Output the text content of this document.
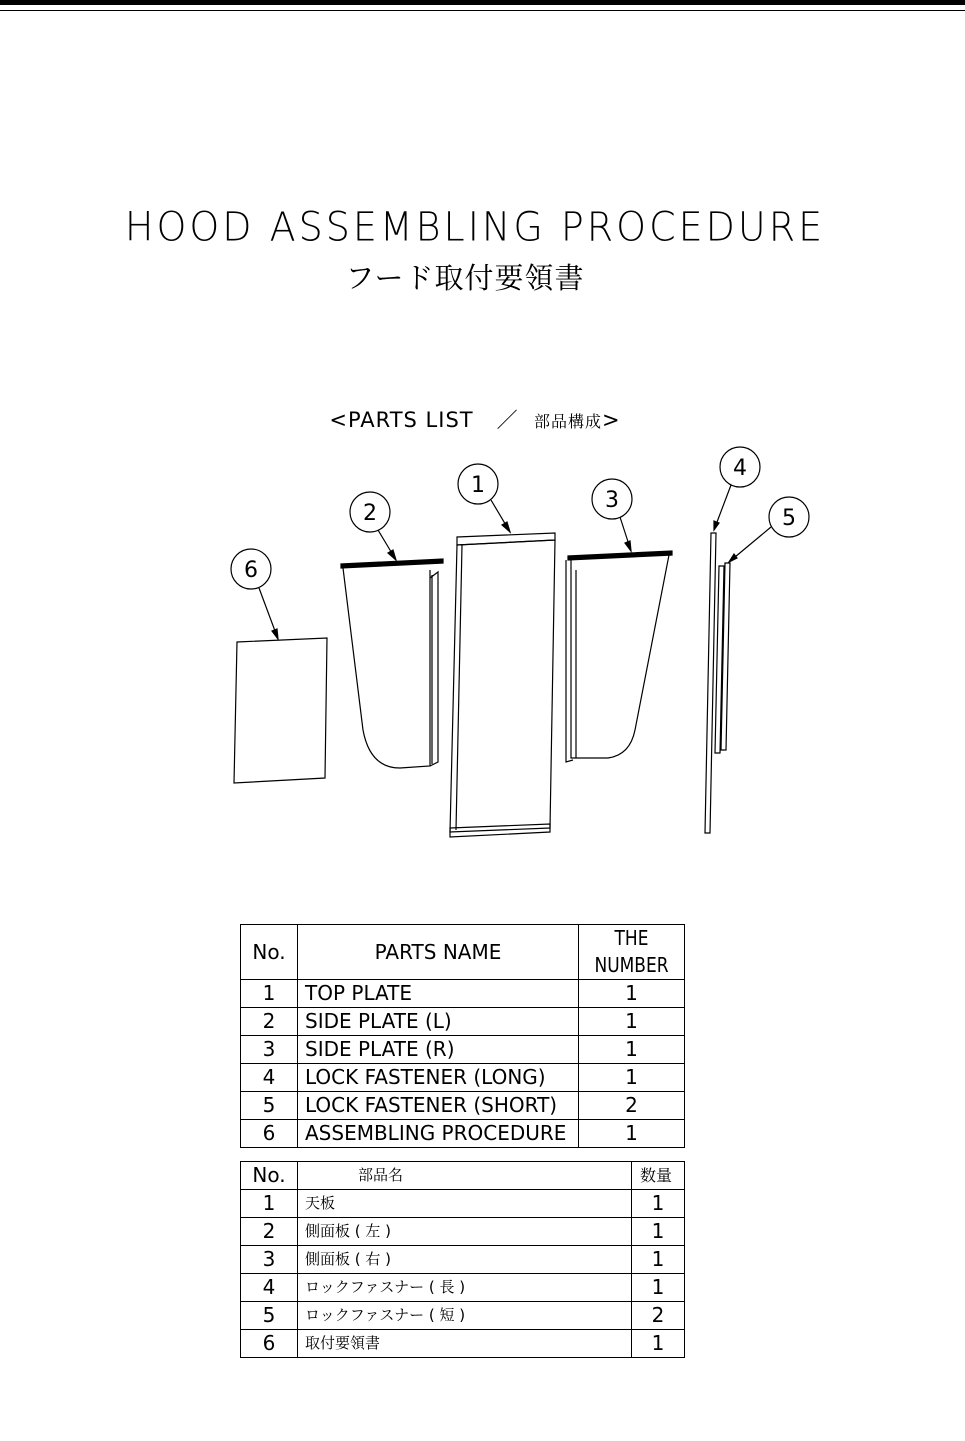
HOOD ASSEMBLING PROCEDURE
フード取付要領書
<PARTS LIST ／ 部品構成>
1
2
3
4
5
6
No.	PARTS NAME	THE NUMBER
1	TOP PLATE	1
2	SIDE PLATE (L)	1
3	SIDE PLATE (R)	1
4	LOCK FASTENER (LONG)	1
5	LOCK FASTENER (SHORT)	2
6	ASSEMBLING PROCEDURE	1
No.	部品名	数量
1	天板	1
2	側面板 ( 左 )	1
3	側面板 ( 右 )	1
4	ロックファスナー ( 長 )	1
5	ロックファスナー ( 短 )	2
6	取付要領書	1
